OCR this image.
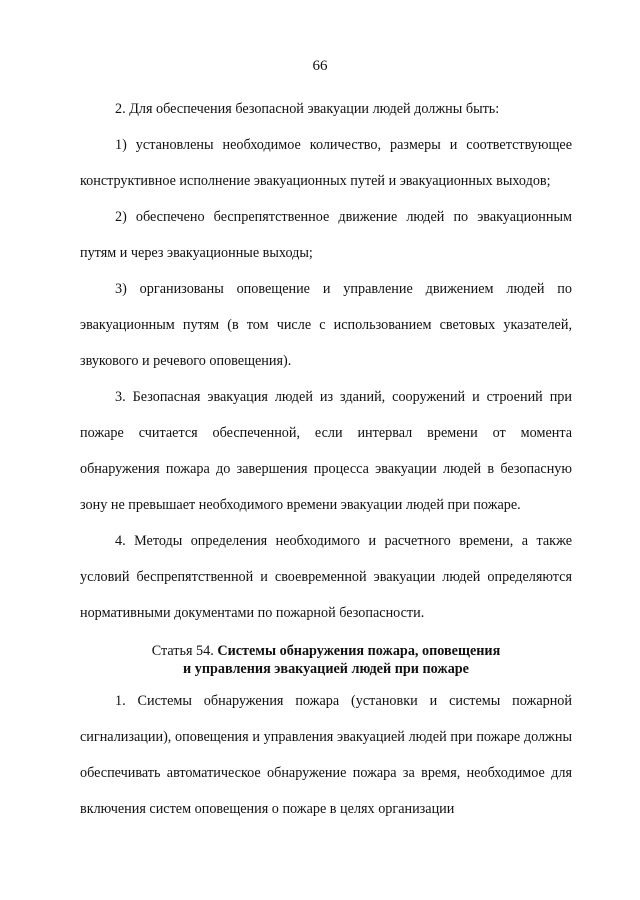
66

2. Для обеспечения безопасной эвакуации людей должны быть:

1) установлены необходимое количество, размеры и соответствующее конструктивное исполнение эвакуационных путей и эвакуационных выходов;

2) обеспечено беспрепятственное движение людей по эвакуационным путям и через эвакуационные выходы;

3) организованы оповещение и управление движением людей по эвакуационным путям (в том числе с использованием световых указателей, звукового и речевого оповещения).

3. Безопасная эвакуация людей из зданий, сооружений и строений при пожаре считается обеспеченной, если интервал времени от момента обнаружения пожара до завершения процесса эвакуации людей в безопасную зону не превышает необходимого времени эвакуации людей при пожаре.

4. Методы определения необходимого и расчетного времени, а также условий беспрепятственной и своевременной эвакуации людей определяются нормативными документами по пожарной безопасности.

Статья 54. Системы обнаружения пожара, оповещения
и управления эвакуацией людей при пожаре

1. Системы обнаружения пожара (установки и системы пожарной сигнализации), оповещения и управления эвакуацией людей при пожаре должны обеспечивать автоматическое обнаружение пожара за время, необходимое для включения систем оповещения о пожаре в целях организации
